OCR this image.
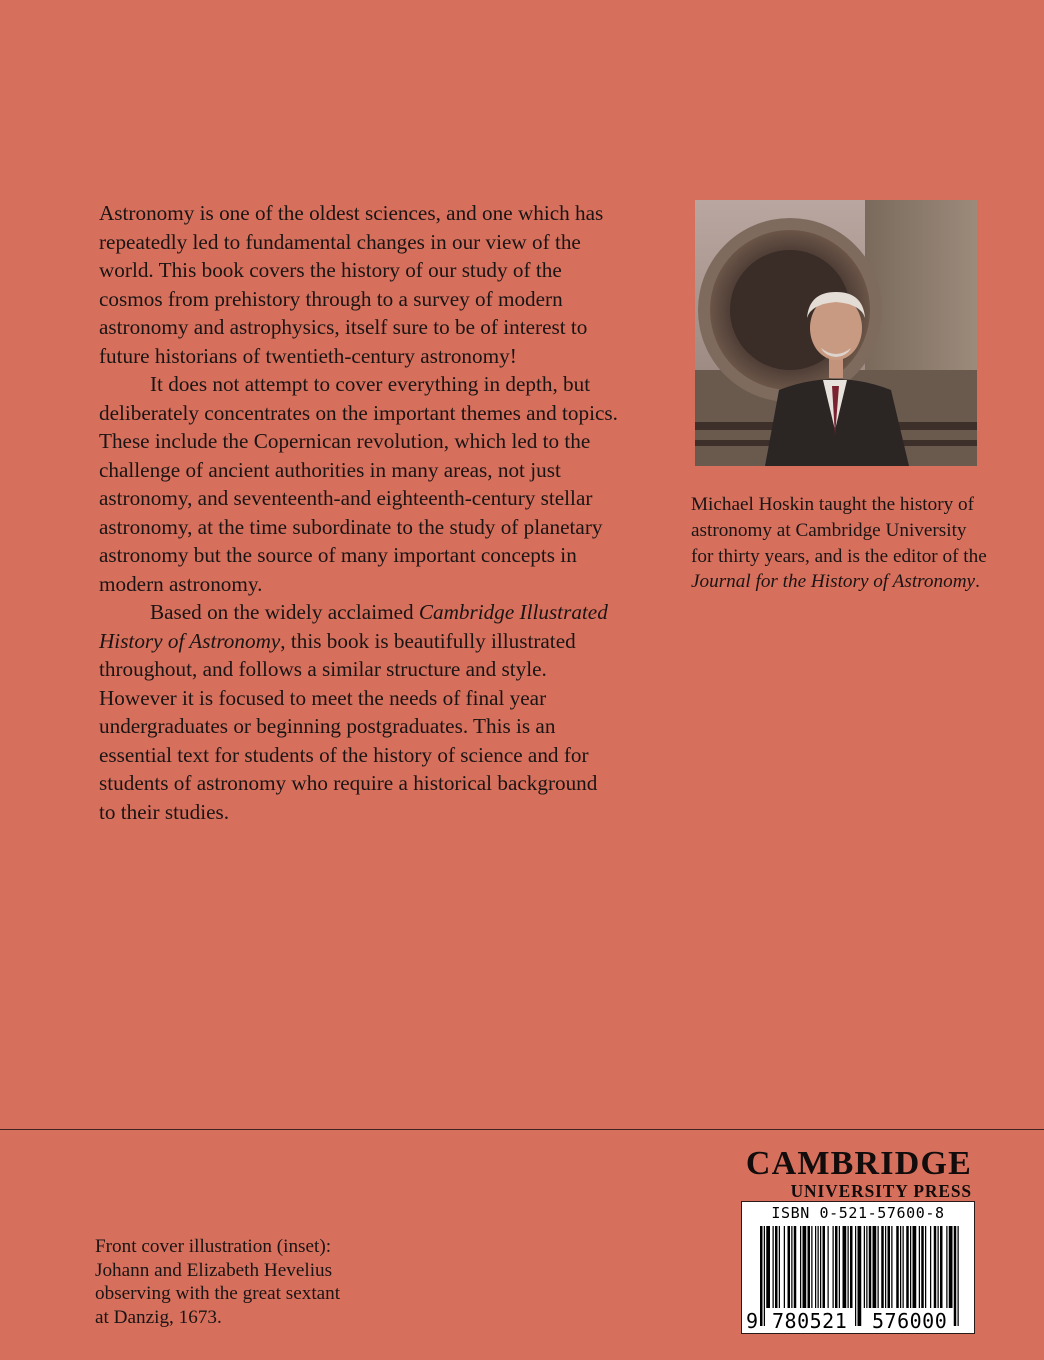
Astronomy is one of the oldest sciences, and one which has repeatedly led to fundamental changes in our view of the world. This book covers the history of our study of the cosmos from prehistory through to a survey of modern astronomy and astrophysics, itself sure to be of interest to future historians of twentieth-century astronomy!

It does not attempt to cover everything in depth, but deliberately concentrates on the important themes and topics. These include the Copernican revolution, which led to the challenge of ancient authorities in many areas, not just astronomy, and seventeenth-and eighteenth-century stellar astronomy, at the time subordinate to the study of planetary astronomy but the source of many important concepts in modern astronomy.

Based on the widely acclaimed Cambridge Illustrated History of Astronomy, this book is beautifully illustrated throughout, and follows a similar structure and style. However it is focused to meet the needs of final year undergraduates or beginning postgraduates. This is an essential text for students of the history of science and for students of astronomy who require a historical background to their studies.

Michael Hoskin taught the history of astronomy at Cambridge University for thirty years, and is the editor of the Journal for the History of Astronomy.
Front cover illustration (inset):
Johann and Elizabeth Hevelius
observing with the great sextant
at Danzig, 1673.
CAMBRIDGE
UNIVERSITY PRESS
ISBN 0-521-57600-8
9 780521 576000
